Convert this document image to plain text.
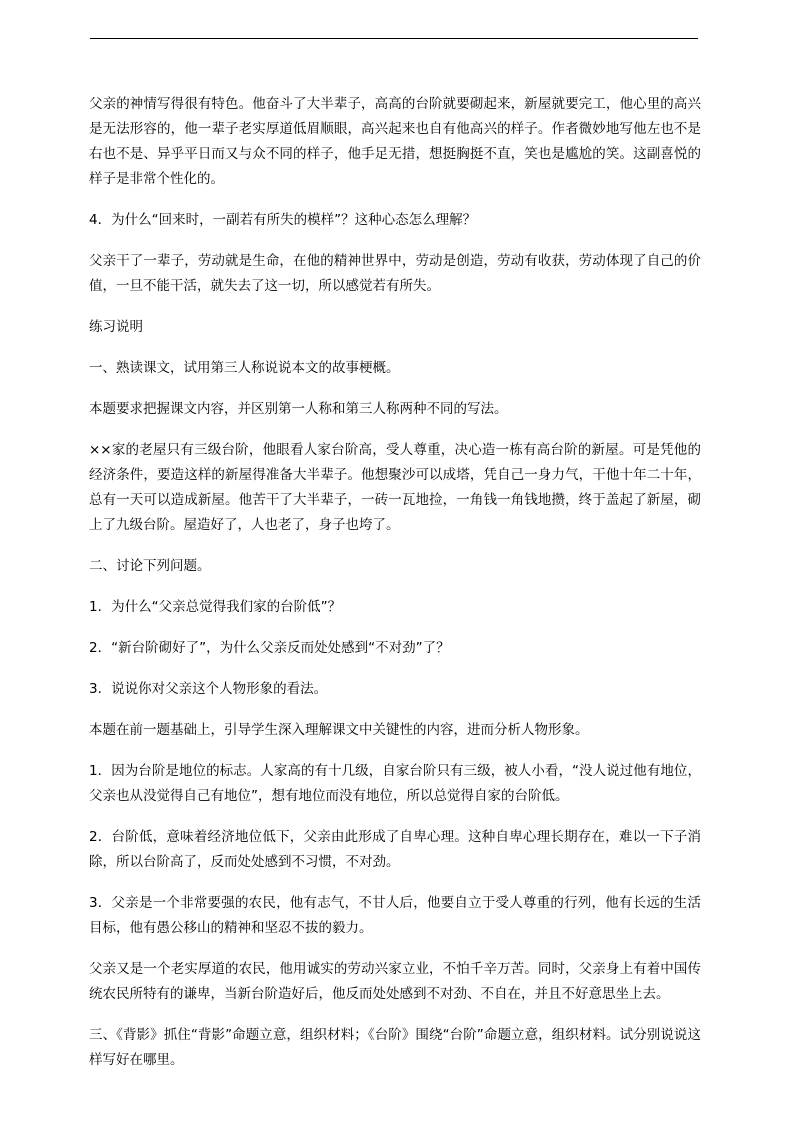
父亲的神情写得很有特色。他奋斗了大半辈子，高高的台阶就要砌起来，新屋就要完工，他心里的高兴是无法形容的，他一辈子老实厚道低眉顺眼，高兴起来也自有他高兴的样子。作者微妙地写他左也不是右也不是、异乎平日而又与众不同的样子，他手足无措，想挺胸挺不直，笑也是尴尬的笑。这副喜悦的样子是非常个性化的。

4．为什么“回来时，一副若有所失的模样”？这种心态怎么理解？

父亲干了一辈子，劳动就是生命，在他的精神世界中，劳动是创造，劳动有收获，劳动体现了自己的价值，一旦不能干活，就失去了这一切，所以感觉若有所失。

练习说明

一、熟读课文，试用第三人称说说本文的故事梗概。

本题要求把握课文内容，并区别第一人称和第三人称两种不同的写法。

××家的老屋只有三级台阶，他眼看人家台阶高，受人尊重，决心造一栋有高台阶的新屋。可是凭他的经济条件，要造这样的新屋得准备大半辈子。他想聚沙可以成塔，凭自己一身力气，干他十年二十年，总有一天可以造成新屋。他苦干了大半辈子，一砖一瓦地捡，一角钱一角钱地攒，终于盖起了新屋，砌上了九级台阶。屋造好了，人也老了，身子也垮了。

二、讨论下列问题。

1．为什么“父亲总觉得我们家的台阶低”？

2．“新台阶砌好了”，为什么父亲反而处处感到“不对劲”了？

3．说说你对父亲这个人物形象的看法。

本题在前一题基础上，引导学生深入理解课文中关键性的内容，进而分析人物形象。

1．因为台阶是地位的标志。人家高的有十几级，自家台阶只有三级，被人小看，“没人说过他有地位，父亲也从没觉得自己有地位”，想有地位而没有地位，所以总觉得自家的台阶低。

2．台阶低，意味着经济地位低下，父亲由此形成了自卑心理。这种自卑心理长期存在，难以一下子消除，所以台阶高了，反而处处感到不习惯，不对劲。

3．父亲是一个非常要强的农民，他有志气，不甘人后，他要自立于受人尊重的行列，他有长远的生活目标，他有愚公移山的精神和坚忍不拔的毅力。

父亲又是一个老实厚道的农民，他用诚实的劳动兴家立业，不怕千辛万苦。同时，父亲身上有着中国传统农民所特有的谦卑，当新台阶造好后，他反而处处感到不对劲、不自在，并且不好意思坐上去。

三、《背影》抓住“背影”命题立意，组织材料；《台阶》围绕“台阶”命题立意，组织材料。试分别说说这样写好在哪里。
